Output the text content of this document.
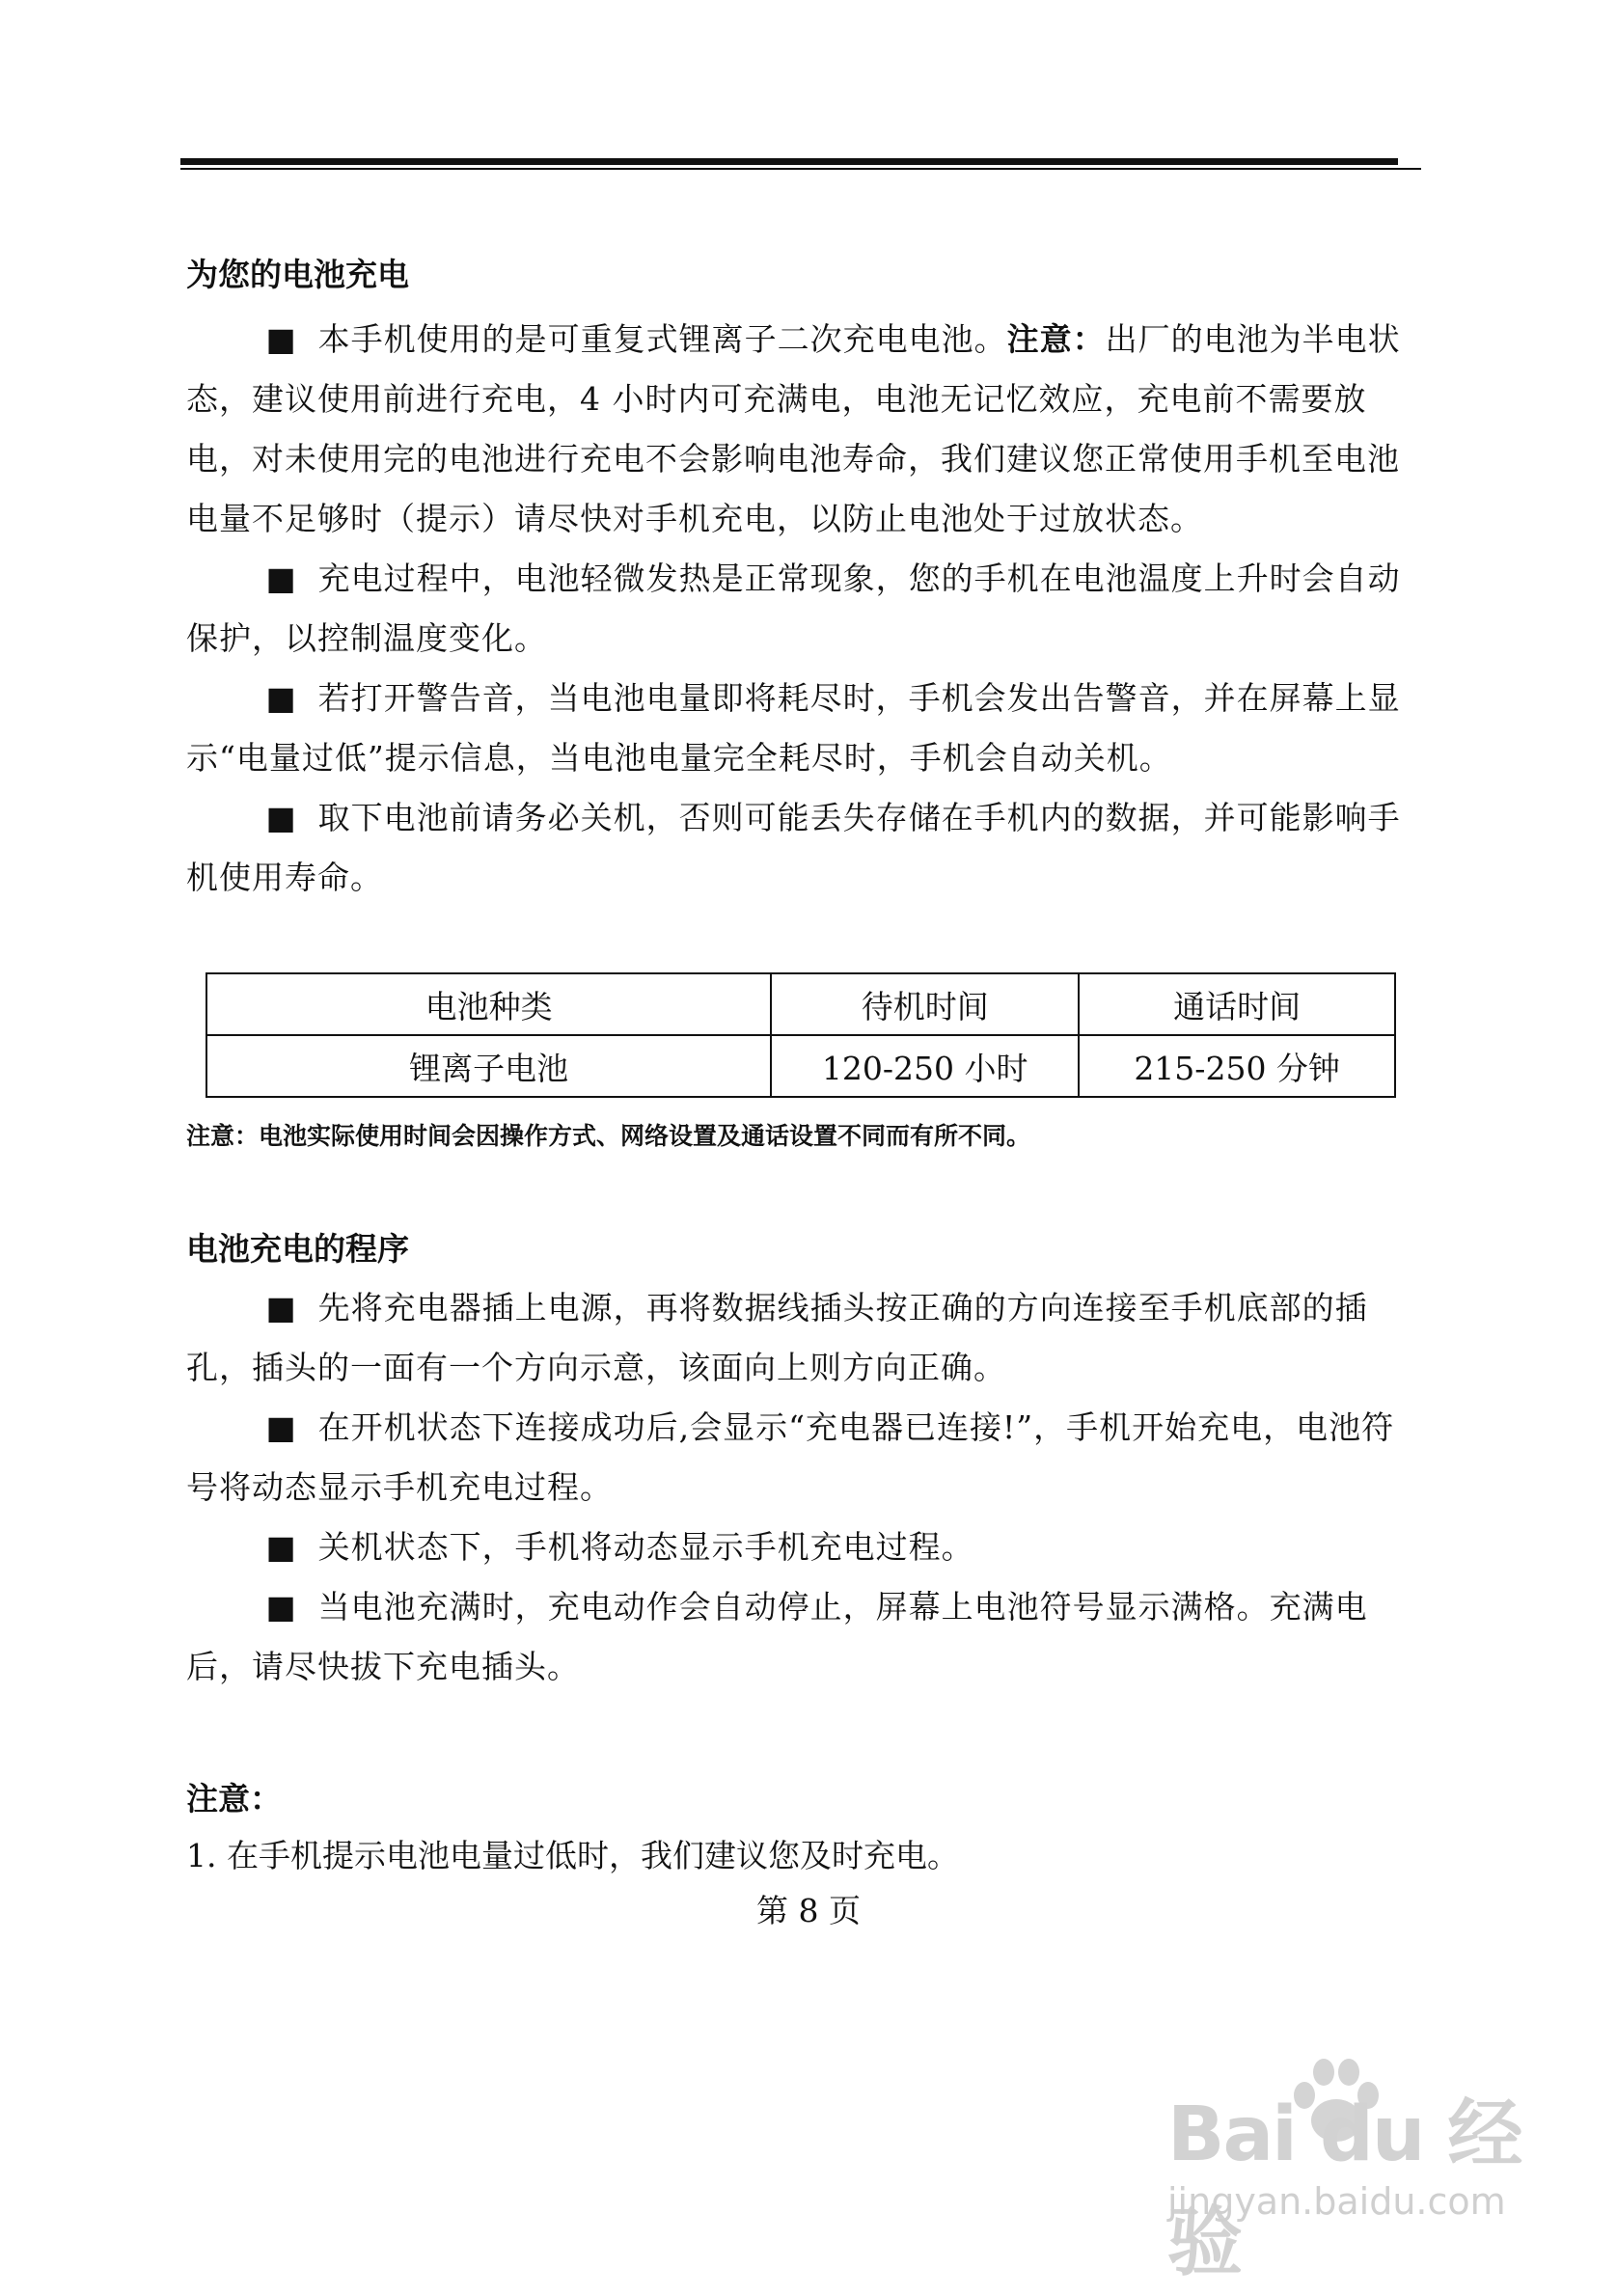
为您的电池充电

■ 本手机使用的是可重复式锂离子二次充电电池。注意：出厂的电池为半电状态，建议使用前进行充电，4 小时内可充满电，电池无记忆效应，充电前不需要放电，对未使用完的电池进行充电不会影响电池寿命，我们建议您正常使用手机至电池电量不足够时（提示）请尽快对手机充电，以防止电池处于过放状态。

■ 充电过程中，电池轻微发热是正常现象，您的手机在电池温度上升时会自动保护，以控制温度变化。

■ 若打开警告音，当电池电量即将耗尽时，手机会发出告警音，并在屏幕上显示“电量过低”提示信息，当电池电量完全耗尽时，手机会自动关机。

■ 取下电池前请务必关机，否则可能丢失存储在手机内的数据，并可能影响手机使用寿命。

电池种类	待机时间	通话时间
锂离子电池	120-250 小时	215-250 分钟
注意：电池实际使用时间会因操作方式、网络设置及通话设置不同而有所不同。
电池充电的程序

■ 先将充电器插上电源，再将数据线插头按正确的方向连接至手机底部的插孔，插头的一面有一个方向示意，该面向上则方向正确。

■ 在开机状态下连接成功后,会显示“充电器已连接!”，手机开始充电，电池符号将动态显示手机充电过程。

■ 关机状态下，手机将动态显示手机充电过程。

■ 当电池充满时，充电动作会自动停止，屏幕上电池符号显示满格。充满电后，请尽快拔下充电插头。

注意：

1. 在手机提示电池电量过低时，我们建议您及时充电。

第 8 页
Bai du 经验
jingyan.baidu.com
